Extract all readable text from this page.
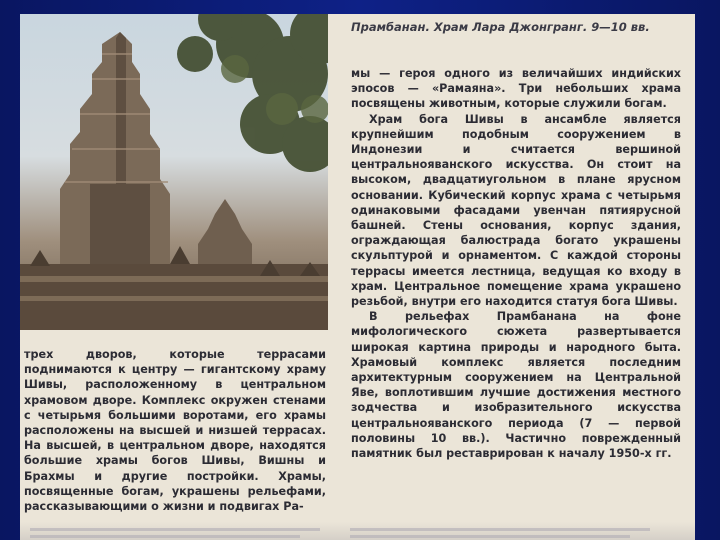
Прамбанан. Храм Лара Джонгранг. 9—10 вв.

мы — героя одного из величайших индийских эпосов — «Рамаяна». Три небольших храма посвящены животным, которые служили богам.

Храм бога Шивы в ансамбле является крупнейшим подобным сооружением в Индонезии и считается вершиной центральнояванского искусства. Он стоит на высоком, двадцатиугольном в плане ярусном основании. Кубический корпус храма с четырьмя одинаковыми фасадами увенчан пятиярусной башней. Стены основания, корпус здания, ограждающая балюстрада богато украшены скульптурой и орнаментом. С каждой стороны террасы имеется лестница, ведущая ко входу в храм. Центральное помещение храма украшено резьбой, внутри его находится статуя бога Шивы.

В рельефах Прамбанана на фоне мифологического сюжета развертывается широкая картина природы и народного быта. Храмовый комплекс является последним архитектурным сооружением на Центральной Яве, воплотившим лучшие достижения местного зодчества и изобразительного искусства центральнояванского периода (7 — первой половины 10 вв.). Частично поврежденный памятник был реставрирован к началу 1950-х гг.

трех дворов, которые террасами поднимаются к центру — гигантскому храму Шивы, расположенному в центральном храмовом дворе. Комплекс окружен стенами с четырьмя большими воротами, его храмы расположены на высшей и низшей террасах. На высшей, в центральном дворе, находятся большие храмы богов Шивы, Вишны и Брахмы и другие постройки. Храмы, посвященные богам, украшены рельефами, рассказывающими о жизни и подвигах Ра-
